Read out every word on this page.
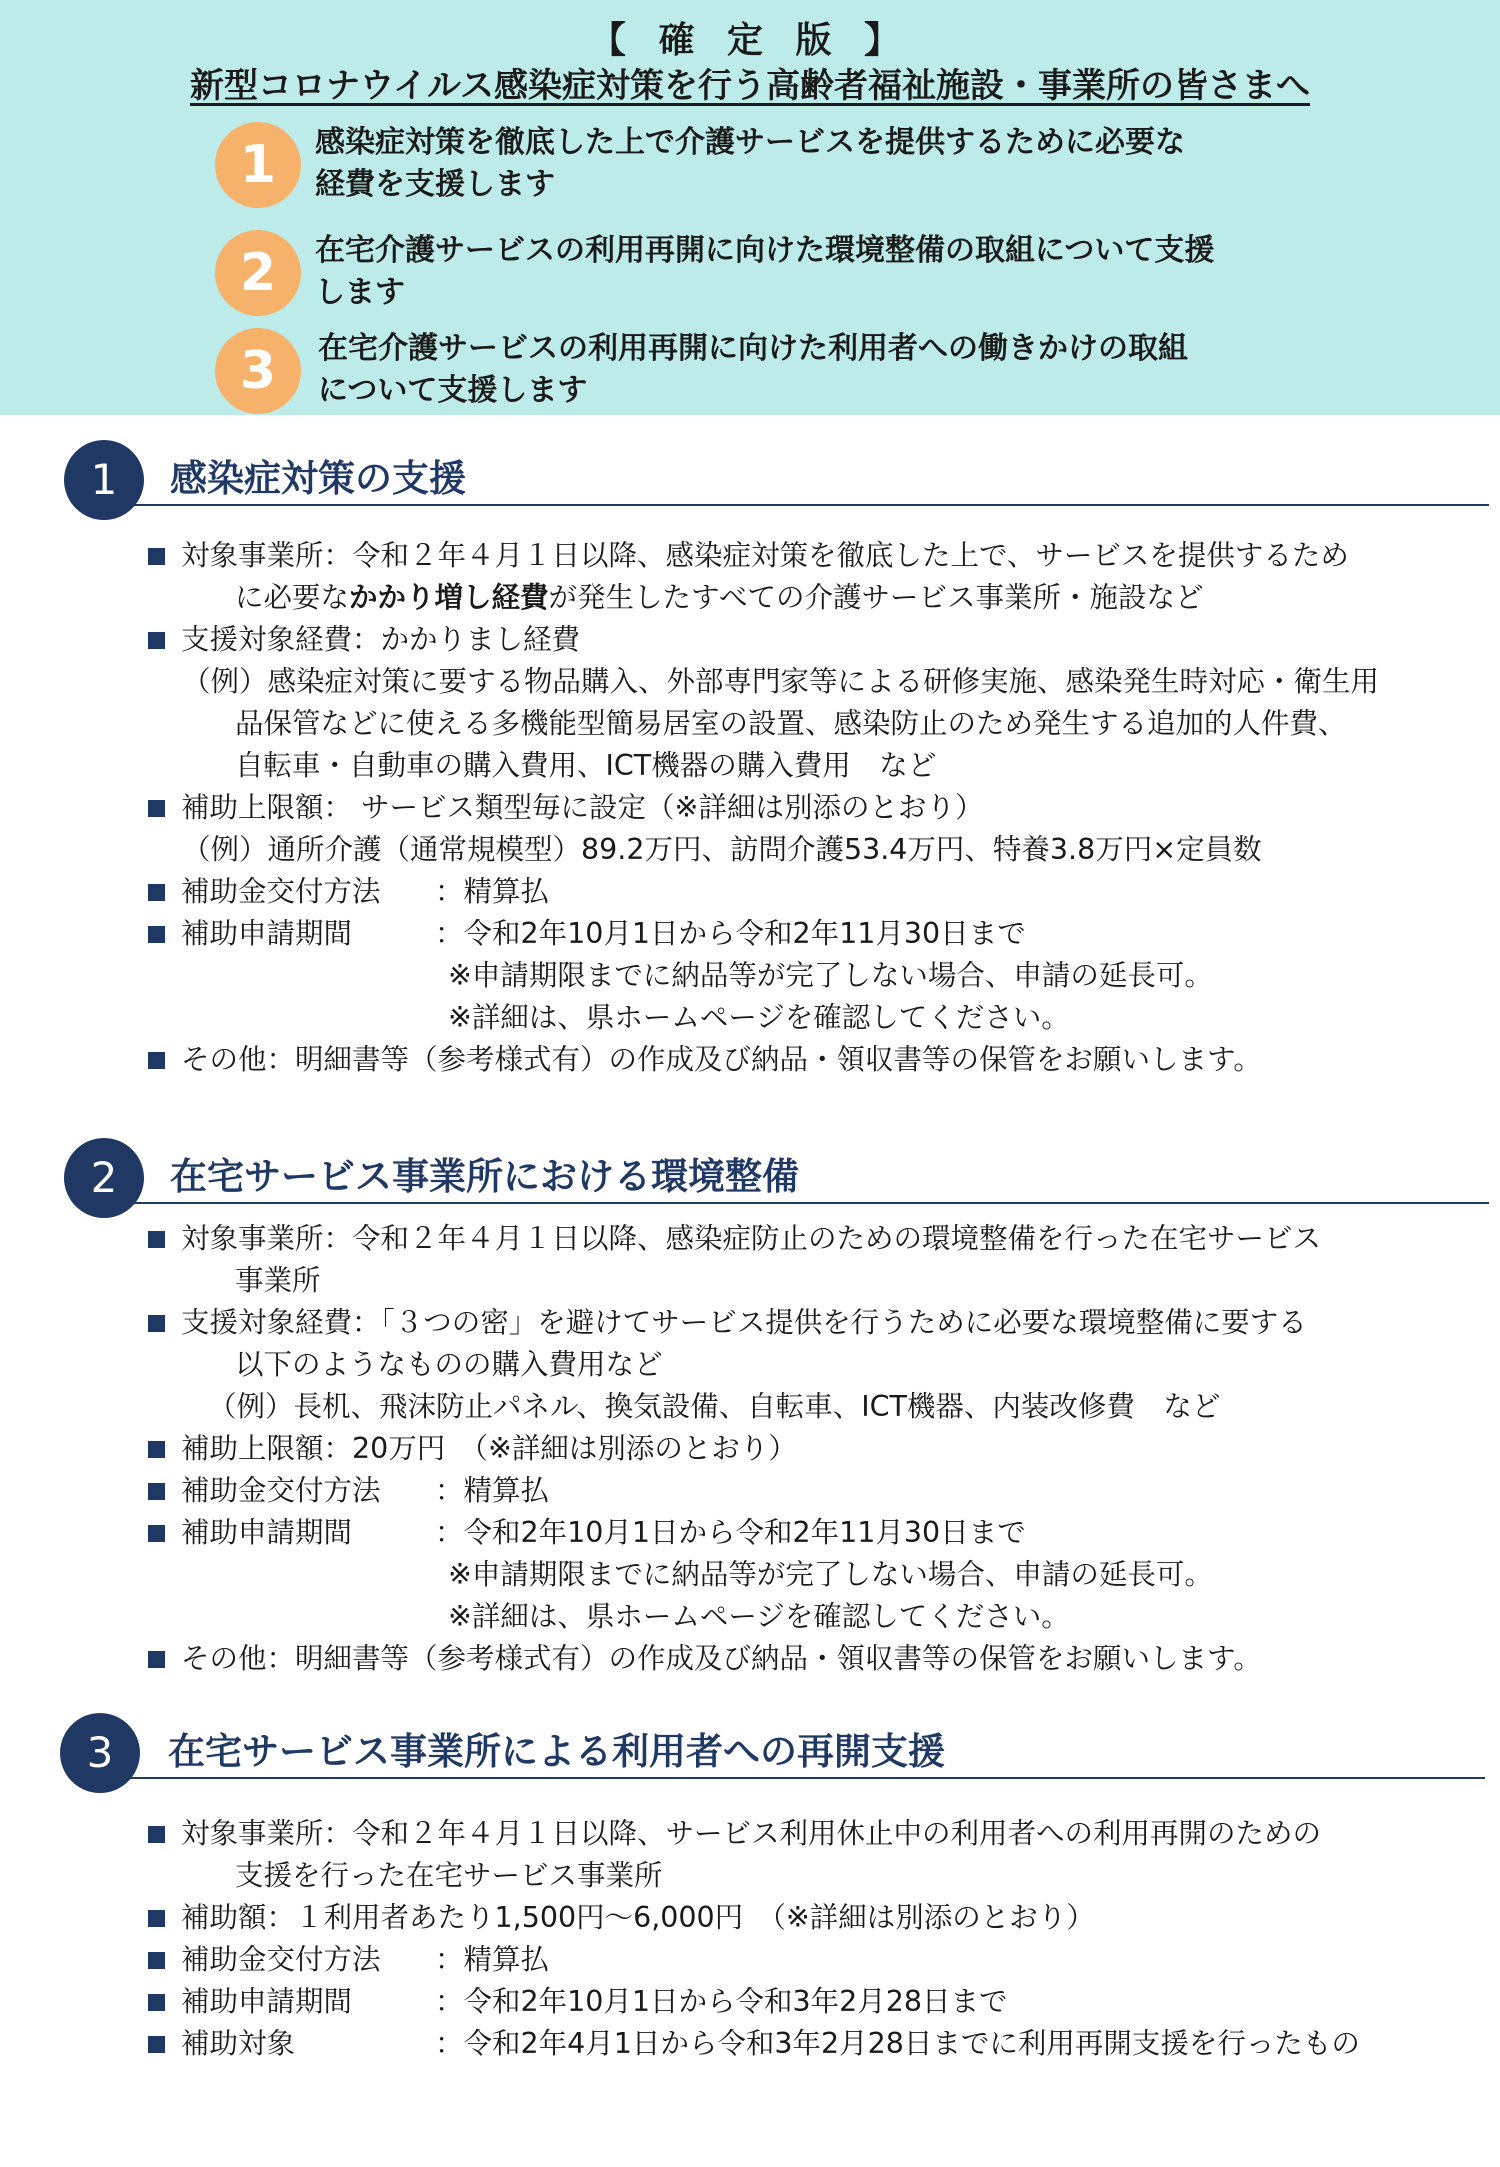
【 確 定 版 】
新型コロナウイルス感染症対策を行う高齢者福祉施設・事業所の皆さまへ
1	感染症対策を徹底した上で介護サービスを提供するために必要な
経費を支援します
2	在宅介護サービスの利用再開に向けた環境整備の取組について支援
します
3	在宅介護サービスの利用再開に向けた利用者への働きかけの取組
について支援します
1	感染症対策の支援
対象事業所：令和２年４月１日以降、感染症対策を徹底した上で、サービスを提供するため
に必要なかかり増し経費が発生したすべての介護サービス事業所・施設など
支援対象経費：かかりまし経費
（例）感染症対策に要する物品購入、外部専門家等による研修実施、感染発生時対応・衛生用
品保管などに使える多機能型簡易居室の設置、感染防止のため発生する追加的人件費、
自転車・自動車の購入費用、ICT機器の購入費用　など
補助上限額： サービス類型毎に設定（※詳細は別添のとおり）
（例）通所介護（通常規模型）89.2万円、訪問介護53.4万円、特養3.8万円×定員数
補助金交付方法 ：精算払
補助申請期間	：令和2年10月1日から令和2年11月30日まで
※申請期限までに納品等が完了しない場合、申請の延長可。
※詳細は、県ホームページを確認してください。
その他：明細書等（参考様式有）の作成及び納品・領収書等の保管をお願いします。
2	在宅サービス事業所における環境整備
対象事業所：令和２年４月１日以降、感染症防止のための環境整備を行った在宅サービス
事業所
支援対象経費：「３つの密」を避けてサービス提供を行うために必要な環境整備に要する
以下のようなものの購入費用など
（例）長机、飛沫防止パネル、換気設備、自転車、ICT機器、内装改修費　など
補助上限額：20万円　（※詳細は別添のとおり）
補助金交付方法 ：精算払
補助申請期間	：令和2年10月1日から令和2年11月30日まで
※申請期限までに納品等が完了しない場合、申請の延長可。
※詳細は、県ホームページを確認してください。
その他：明細書等（参考様式有）の作成及び納品・領収書等の保管をお願いします。
3	在宅サービス事業所による利用者への再開支援
対象事業所：令和２年４月１日以降、サービス利用休止中の利用者への利用再開のための
支援を行った在宅サービス事業所
補助額：１利用者あたり1,500円～6,000円　（※詳細は別添のとおり）
補助金交付方法 ：精算払
補助申請期間	：令和2年10月1日から令和3年2月28日まで
補助対象	：令和2年4月1日から令和3年2月28日までに利用再開支援を行ったもの
